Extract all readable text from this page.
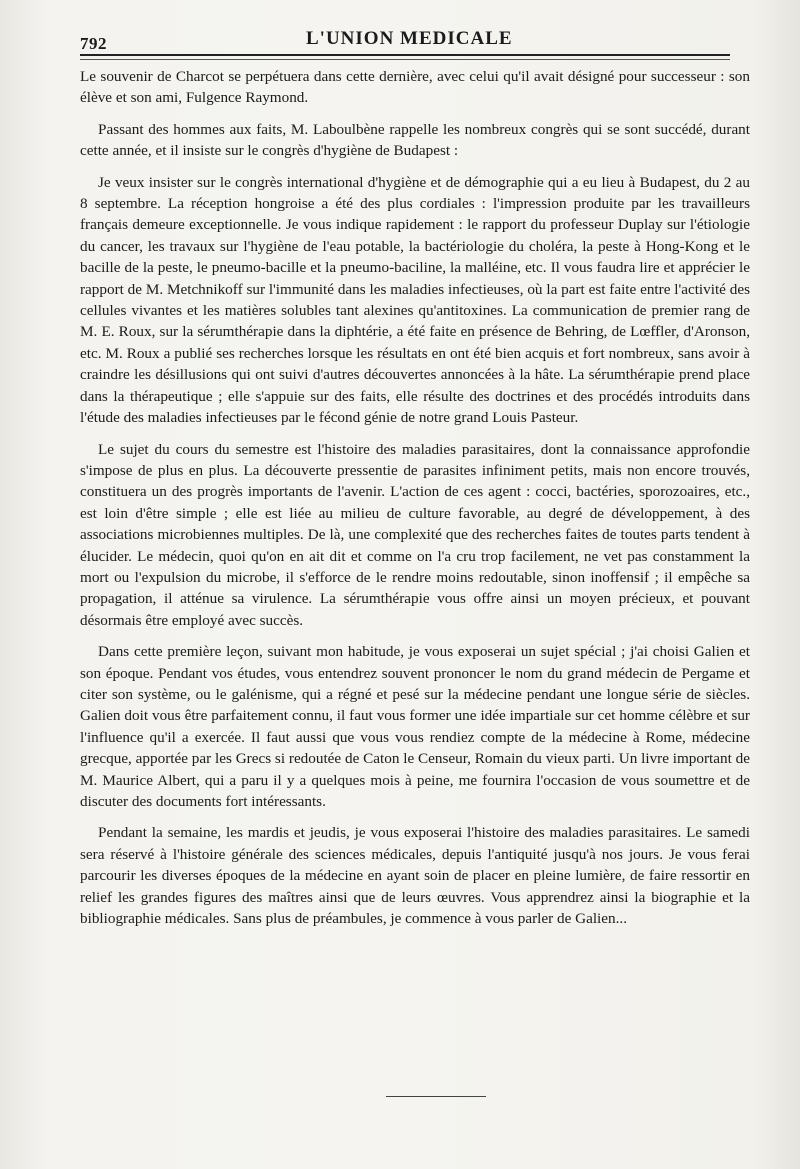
792	L'UNION MEDICALE

Le souvenir de Charcot se perpétuera dans cette dernière, avec celui qu'il avait désigné pour successeur : son élève et son ami, Fulgence Raymond.

Passant des hommes aux faits, M. Laboulbène rappelle les nombreux congrès qui se sont succédé, durant cette année, et il insiste sur le congrès d'hygiène de Budapest :

Je veux insister sur le congrès international d'hygiène et de démographie qui a eu lieu à Budapest, du 2 au 8 septembre. La réception hongroise a été des plus cordiales : l'impression produite par les travailleurs français demeure exceptionnelle. Je vous indique rapidement : le rapport du professeur Duplay sur l'étiologie du cancer, les travaux sur l'hygiène de l'eau potable, la bactériologie du choléra, la peste à Hong-Kong et le bacille de la peste, le pneumo-bacille et la pneumo-baciline, la malléine, etc. Il vous faudra lire et apprécier le rapport de M. Metchnikoff sur l'immunité dans les maladies infectieuses, où la part est faite entre l'activité des cellules vivantes et les matières solubles tant alexines qu'antitoxines. La communication de premier rang de M. E. Roux, sur la sérumthérapie dans la diphtérie, a été faite en présence de Behring, de Lœffler, d'Aronson, etc. M. Roux a publié ses recherches lorsque les résultats en ont été bien acquis et fort nombreux, sans avoir à craindre les désillusions qui ont suivi d'autres découvertes annoncées à la hâte. La sérumthérapie prend place dans la thérapeutique ; elle s'appuie sur des faits, elle résulte des doctrines et des procédés introduits dans l'étude des maladies infectieuses par le fécond génie de notre grand Louis Pasteur.

Le sujet du cours du semestre est l'histoire des maladies parasitaires, dont la connaissance approfondie s'impose de plus en plus. La découverte pressentie de parasites infiniment petits, mais non encore trouvés, constituera un des progrès importants de l'avenir. L'action de ces agent : cocci, bactéries, sporozoaires, etc., est loin d'être simple ; elle est liée au milieu de culture favorable, au degré de développement, à des associations microbiennes multiples. De là, une complexité que des recherches faites de toutes parts tendent à élucider. Le médecin, quoi qu'on en ait dit et comme on l'a cru trop facilement, ne vet pas constamment la mort ou l'expulsion du microbe, il s'efforce de le rendre moins redoutable, sinon inoffensif ; il empêche sa propagation, il atténue sa virulence. La sérumthérapie vous offre ainsi un moyen précieux, et pouvant désormais être employé avec succès.

Dans cette première leçon, suivant mon habitude, je vous exposerai un sujet spécial ; j'ai choisi Galien et son époque. Pendant vos études, vous entendrez souvent prononcer le nom du grand médecin de Pergame et citer son système, ou le galénisme, qui a régné et pesé sur la médecine pendant une longue série de siècles. Galien doit vous être parfaitement connu, il faut vous former une idée impartiale sur cet homme célèbre et sur l'influence qu'il a exercée. Il faut aussi que vous vous rendiez compte de la médecine à Rome, médecine grecque, apportée par les Grecs si redoutée de Caton le Censeur, Romain du vieux parti. Un livre important de M. Maurice Albert, qui a paru il y a quelques mois à peine, me fournira l'occasion de vous soumettre et de discuter des documents fort intéressants.

Pendant la semaine, les mardis et jeudis, je vous exposerai l'histoire des maladies parasitaires. Le samedi sera réservé à l'histoire générale des sciences médicales, depuis l'antiquité jusqu'à nos jours. Je vous ferai parcourir les diverses époques de la médecine en ayant soin de placer en pleine lumière, de faire ressortir en relief les grandes figures des maîtres ainsi que de leurs œuvres. Vous apprendrez ainsi la biographie et la bibliographie médicales. Sans plus de préambules, je commence à vous parler de Galien...
